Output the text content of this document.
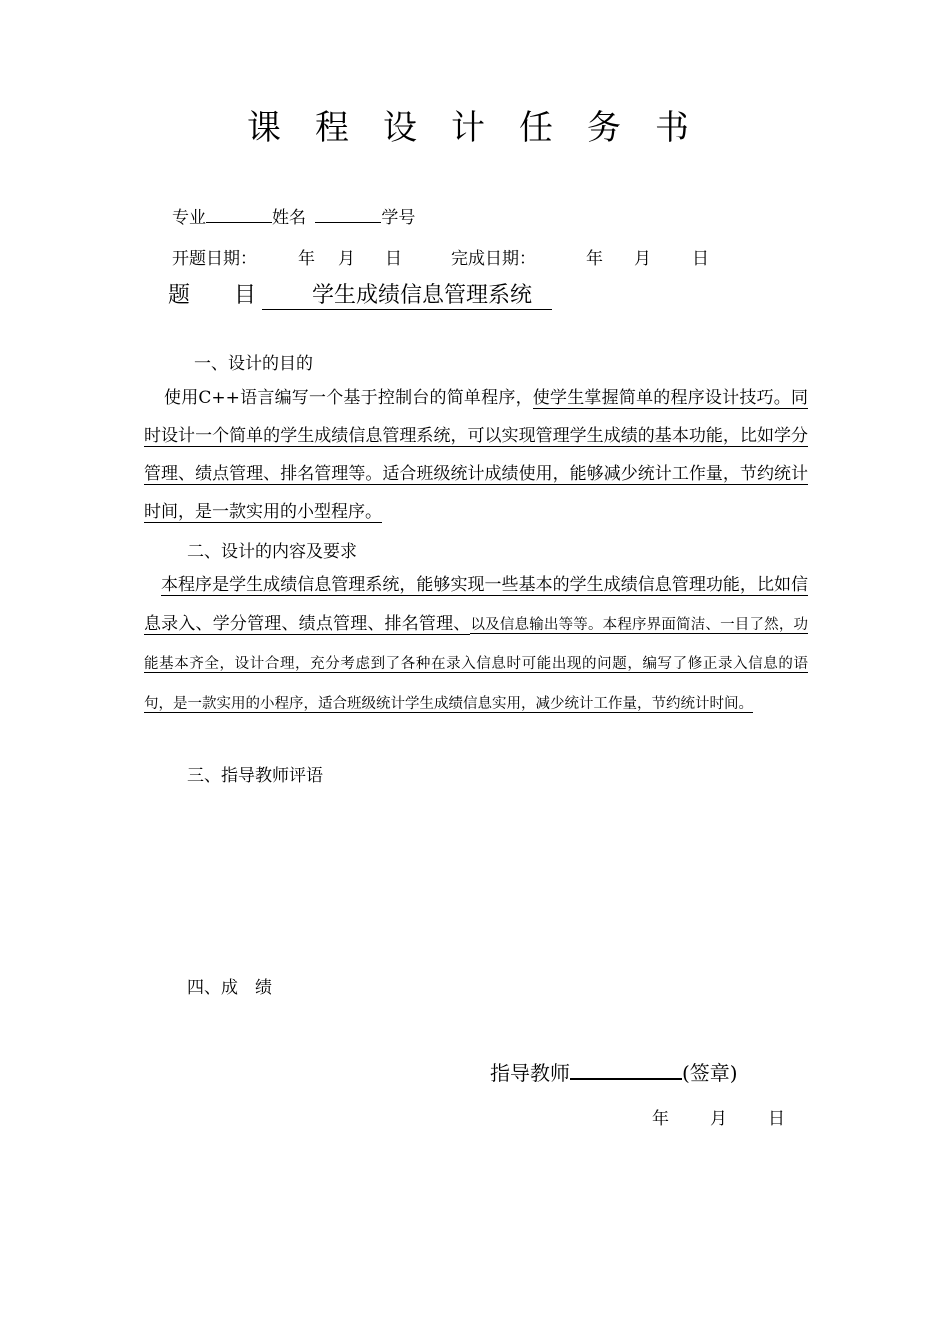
课程设计任务书
专业	姓名	学号
开题日期： 年 月 日	完成日期：	年 月 日
题　　目	学生成绩信息管理系统
一、设计的目的
使用C++语言编写一个基于控制台的简单程序，使学生掌握简单的程序设计技巧。同时设计一个简单的学生成绩信息管理系统，可以实现管理学生成绩的基本功能，比如学分管理、绩点管理、排名管理等。适合班级统计成绩使用，能够减少统计工作量，节约统计时间，是一款实用的小型程序。
二、设计的内容及要求
本程序是学生成绩信息管理系统，能够实现一些基本的学生成绩信息管理功能，比如信息录入、学分管理、绩点管理、排名管理、以及信息输出等等。本程序界面简洁、一目了然，功能基本齐全，设计合理，充分考虑到了各种在录入信息时可能出现的问题，编写了修正录入信息的语句，是一款实用的小程序，适合班级统计学生成绩信息实用，减少统计工作量，节约统计时间。
三、指导教师评语
四、成　绩
指导教师	(签章)
年 月 日
